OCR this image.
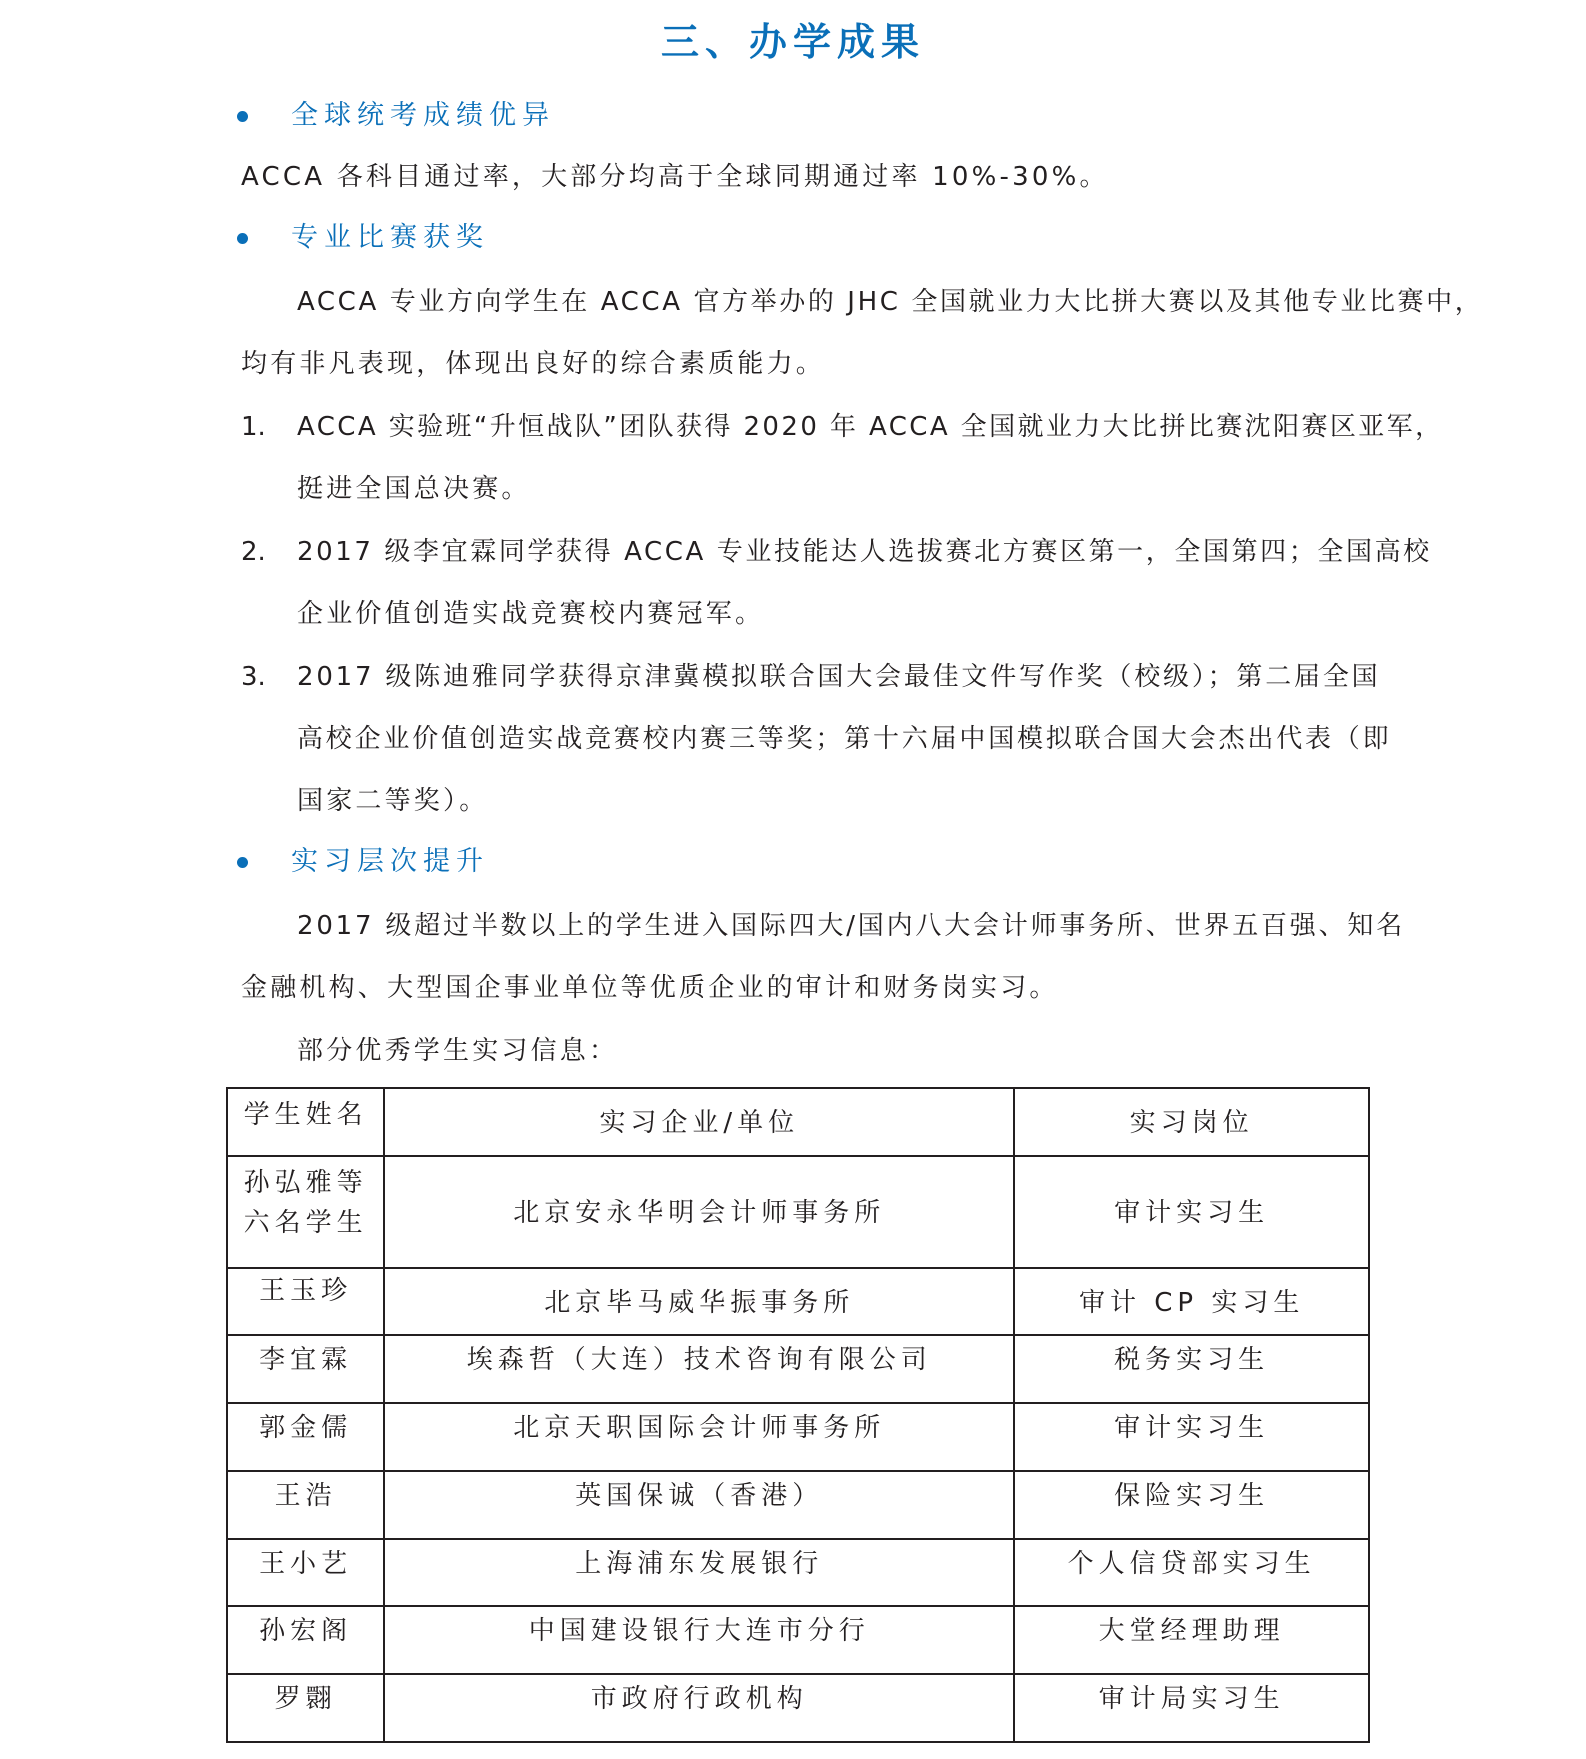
三、办学成果
全球统考成绩优异
ACCA 各科目通过率，大部分均高于全球同期通过率 10%-30%。
专业比赛获奖
ACCA 专业方向学生在 ACCA 官方举办的 JHC 全国就业力大比拼大赛以及其他专业比赛中，
均有非凡表现，体现出良好的综合素质能力。
1. ACCA 实验班“升恒战队”团队获得 2020 年 ACCA 全国就业力大比拼比赛沈阳赛区亚军，
挺进全国总决赛。
2. 2017 级李宜霖同学获得 ACCA 专业技能达人选拔赛北方赛区第一，全国第四；全国高校
企业价值创造实战竞赛校内赛冠军。
3. 2017 级陈迪雅同学获得京津冀模拟联合国大会最佳文件写作奖（校级）；第二届全国
高校企业价值创造实战竞赛校内赛三等奖；第十六届中国模拟联合国大会杰出代表（即
国家二等奖）。
实习层次提升
2017 级超过半数以上的学生进入国际四大/国内八大会计师事务所、世界五百强、知名
金融机构、大型国企事业单位等优质企业的审计和财务岗实习。
部分优秀学生实习信息：
学生姓名	实习企业/单位	实习岗位

孙弘雅等
六名学生	北京安永华明会计师事务所	审计实习生

王玉珍	北京毕马威华振事务所	审计 CP 实习生

李宜霖	埃森哲（大连）技术咨询有限公司	税务实习生

郭金儒	北京天职国际会计师事务所	审计实习生

王浩	英国保诚（香港）	保险实习生

王小艺	上海浦东发展银行	个人信贷部实习生

孙宏阁	中国建设银行大连市分行	大堂经理助理

罗翾	市政府行政机构	审计局实习生
